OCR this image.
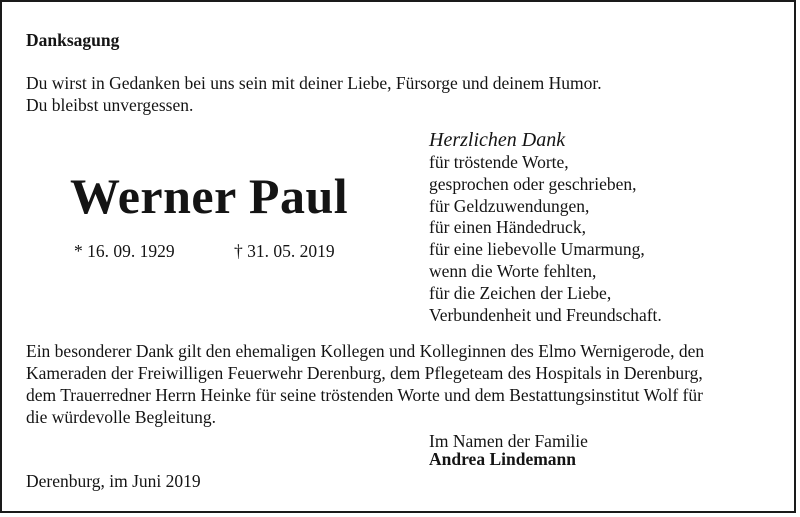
Danksagung

Du wirst in Gedanken bei uns sein mit deiner Liebe, Fürsorge und deinem Humor.

Du bleibst unvergessen.

Werner Paul

* 16. 09. 1929	† 31. 05. 2019

Herzlichen Dank

für tröstende Worte,
gesprochen oder geschrieben,
für Geldzuwendungen,
für einen Händedruck,
für eine liebevolle Umarmung,
wenn die Worte fehlten,
für die Zeichen der Liebe,
Verbundenheit und Freundschaft.
Ein besonderer Dank gilt den ehemaligen Kollegen und Kolleginnen des Elmo Wernigerode, den
Kameraden der Freiwilligen Feuerwehr Derenburg, dem Pflegeteam des Hospitals in Derenburg,
dem Trauerredner Herrn Heinke für seine tröstenden Worte und dem Bestattungsinstitut Wolf für
die würdevolle Begleitung.

Im Namen der Familie

Andrea Lindemann

Derenburg, im Juni 2019
